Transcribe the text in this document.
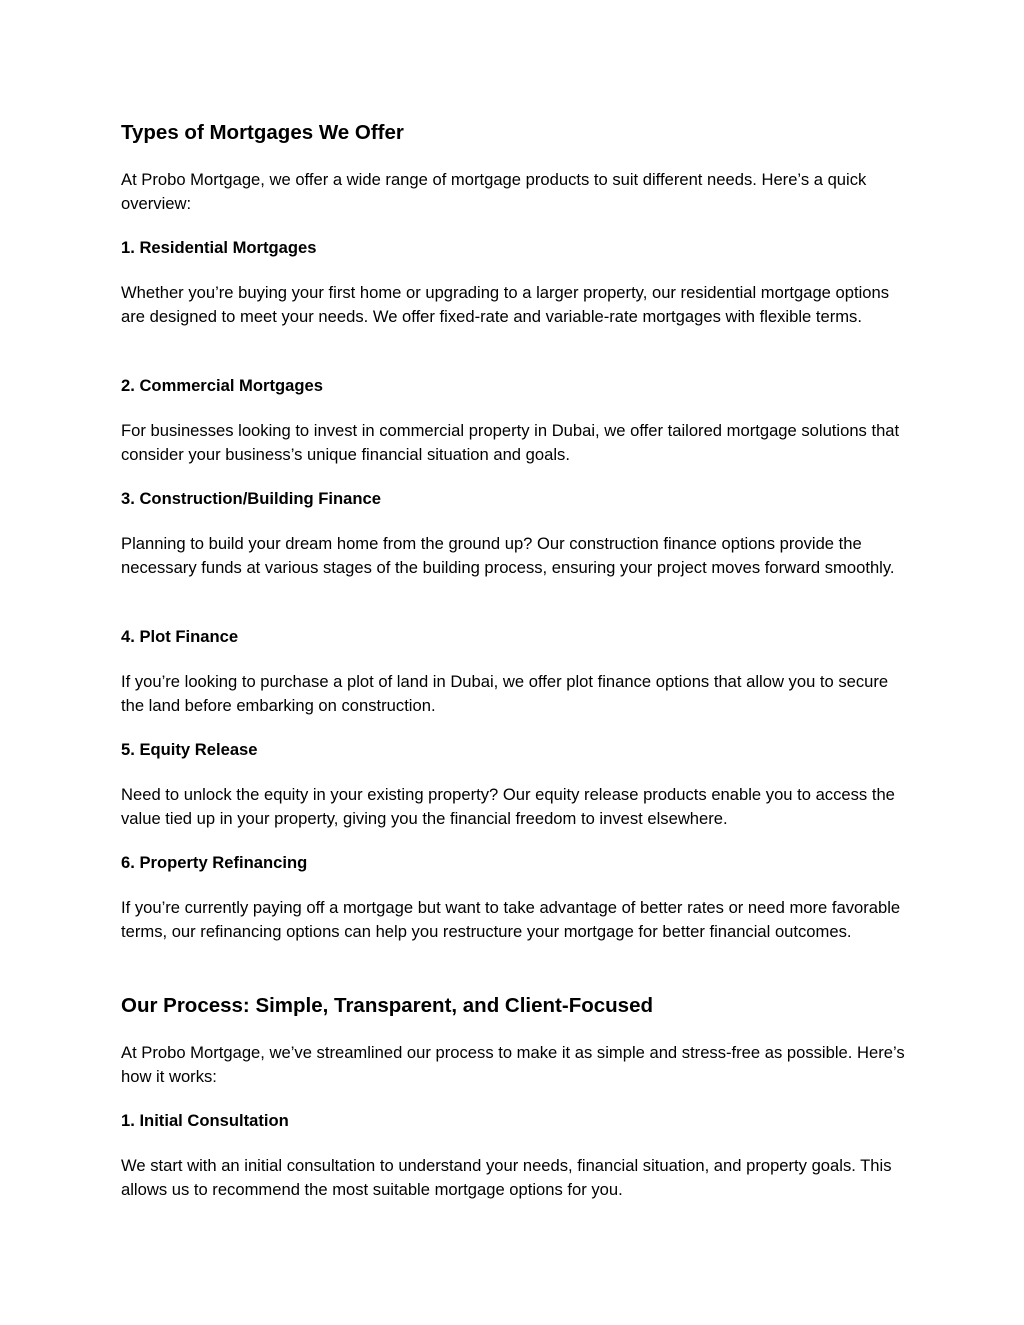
Types of Mortgages We Offer

At Probo Mortgage, we offer a wide range of mortgage products to suit different needs. Here’s a quick overview:

1. Residential Mortgages

Whether you’re buying your first home or upgrading to a larger property, our residential mortgage options are designed to meet your needs. We offer fixed-rate and variable-rate mortgages with flexible terms.

2. Commercial Mortgages

For businesses looking to invest in commercial property in Dubai, we offer tailored mortgage solutions that consider your business’s unique financial situation and goals.

3. Construction/Building Finance

Planning to build your dream home from the ground up? Our construction finance options provide the necessary funds at various stages of the building process, ensuring your project moves forward smoothly.

4. Plot Finance

If you’re looking to purchase a plot of land in Dubai, we offer plot finance options that allow you to secure the land before embarking on construction.

5. Equity Release

Need to unlock the equity in your existing property? Our equity release products enable you to access the value tied up in your property, giving you the financial freedom to invest elsewhere.

6. Property Refinancing

If you’re currently paying off a mortgage but want to take advantage of better rates or need more favorable terms, our refinancing options can help you restructure your mortgage for better financial outcomes.

Our Process: Simple, Transparent, and Client-Focused

At Probo Mortgage, we’ve streamlined our process to make it as simple and stress-free as possible. Here’s how it works:

1. Initial Consultation

We start with an initial consultation to understand your needs, financial situation, and property goals. This allows us to recommend the most suitable mortgage options for you.
